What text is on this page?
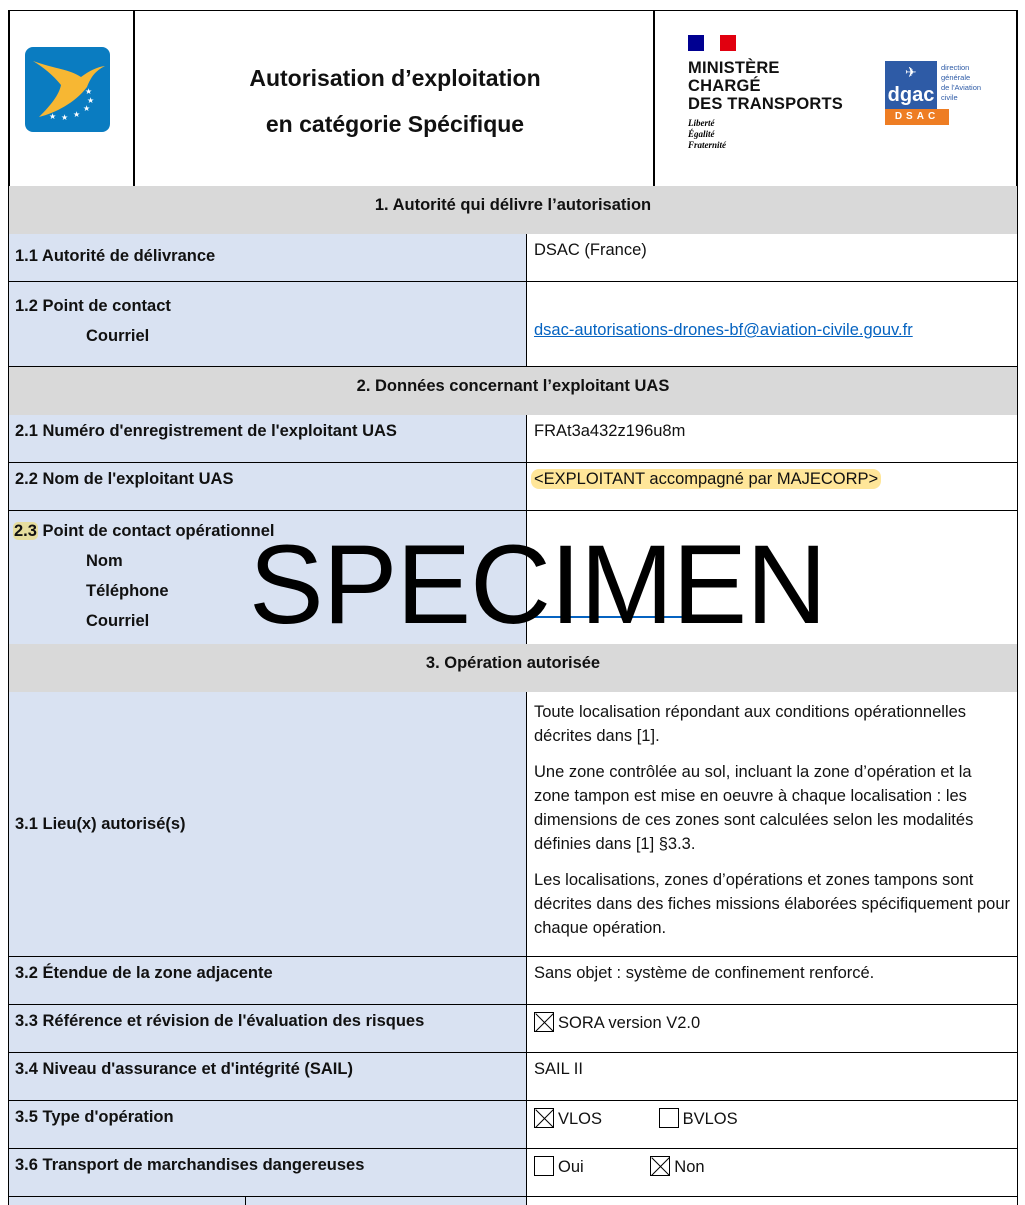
★
★
★
★
★
★
Autorisation d’exploitation
en catégorie Spécifique
MINISTÈRE
CHARGÉ
DES TRANSPORTS
Liberté
Égalité
Fraternité
✈
dgac
direction
générale
de l'Aviation
civile
DSAC
1. Autorité qui délivre l’autorisation
1.1 Autorité de délivrance	DSAC (France)
1.2 Point de contact
Courriel	dsac-autorisations-drones-bf@aviation-civile.gouv.fr
2. Données concernant l’exploitant UAS
2.1 Numéro d'enregistrement de l'exploitant UAS	FRAt3a432z196u8m
2.2 Nom de l'exploitant UAS	<EXPLOITANT accompagné par MAJECORP>
2.3 Point de contact opérationnel
Nom
Téléphone
Courriel
3. Opération autorisée
3.1 Lieu(x) autorisé(s)

Toute localisation répondant aux conditions opérationnelles décrites dans [1].

Une zone contrôlée au sol, incluant la zone d’opération et la zone tampon est mise en oeuvre à chaque localisation : les dimensions de ces zones sont calculées selon les modalités définies dans [1] §3.3.

Les localisations, zones d’opérations et zones tampons sont décrites dans des fiches missions élaborées spécifiquement pour chaque opération.

3.2 Étendue de la zone adjacente	Sans objet : système de confinement renforcé.
3.3 Référence et révision de l'évaluation des risques	SORA version V2.0
3.4 Niveau d'assurance et d'intégrité (SAIL)	SAIL II
3.5 Type d'opération	VLOS	BVLOS
3.6 Transport de marchandises dangereuses	Oui	Non
SPECIMEN
